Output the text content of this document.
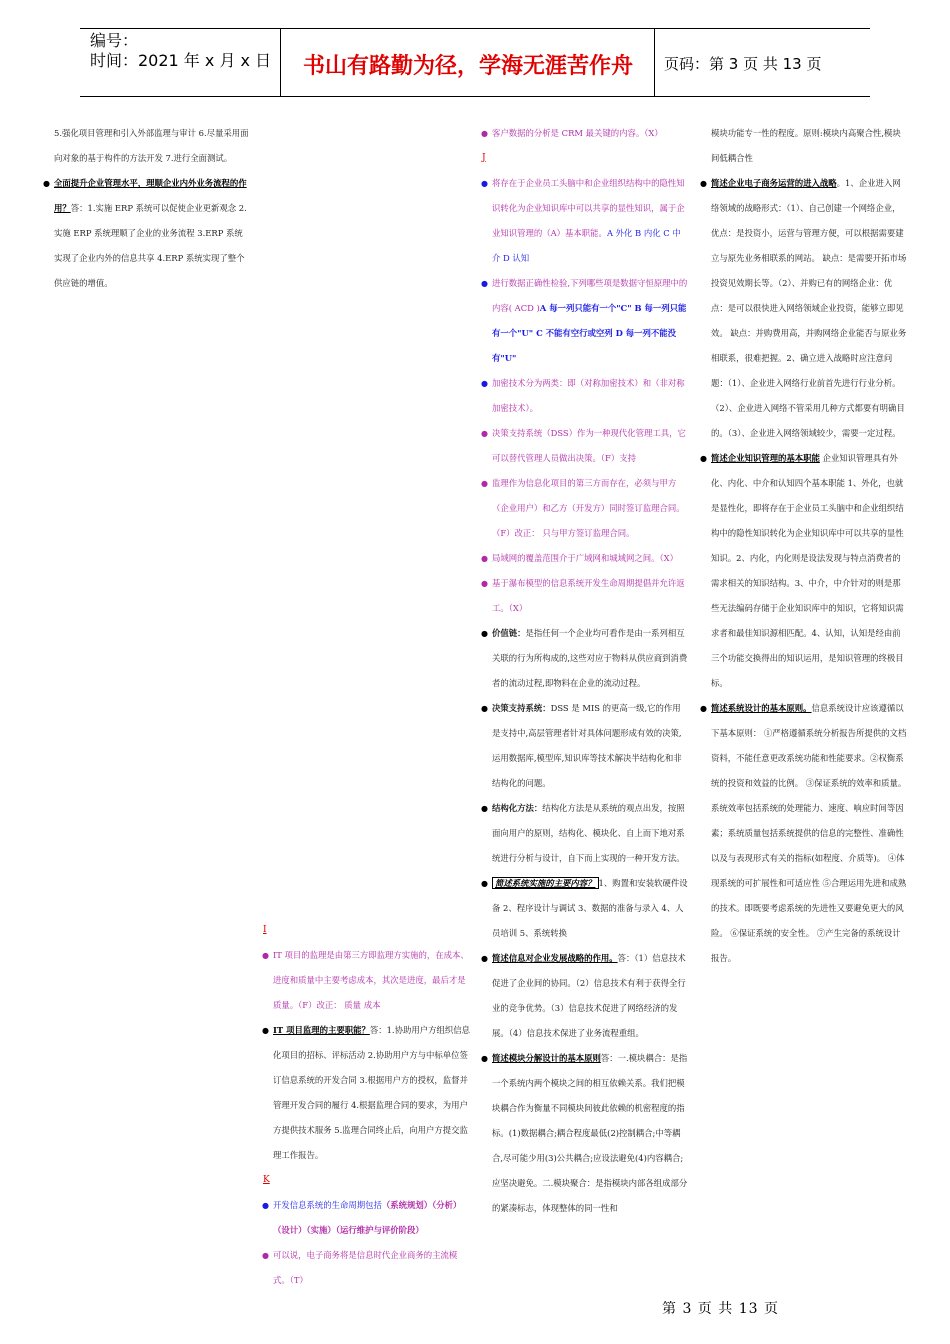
编号：
时间：2021 年 x 月 x 日	书山有路勤为径，学海无涯苦作舟	页码：第 3 页 共 13 页

5.强化项目管理和引入外部监理与审计 6.尽量采用面向对象的基于构件的方法开发 7.进行全面测试。

● 全面提升企业管理水平，理顺企业内外业务流程的作用？答：1.实施 ERP 系统可以促使企业更新观念 2.实施 ERP 系统理顺了企业的业务流程 3.ERP 系统实现了企业内外的信息共享 4.ERP 系统实现了整个供应链的增值。
I
● IT 项目的监理是由第三方即监理方实施的，在成本、进度和质量中主要考虑成本，其次是进度，最后才是质量。（F）改正： 质量 成本
● IT 项目监理的主要职能？答：1.协助用户方组织信息化项目的招标、评标活动 2.协助用户方与中标单位签订信息系统的开发合同 3.根据用户方的授权，监督并管理开发合同的履行 4.根据监理合同的要求，为用户方提供技术服务 5.监理合同终止后，向用户方提交监理工作报告。
K
● 开发信息系统的生命周期包括（系统规划）（分析）（设计）（实施）（运行维护与评价阶段）
● 可以说，电子商务将是信息时代企业商务的主流模式。（T）
● 客户数据的分析是 CRM 最关键的内容。（X）
J
● 将存在于企业员工头脑中和企业组织结构中的隐性知识转化为企业知识库中可以共享的显性知识，属于企业知识管理的（A）基本职能。A 外化 B 内化 C 中介 D 认知
● 进行数据正确性检验,下列哪些项是数据守恒原理中的内容( ACD )A 每一列只能有一个"C" B 每一列只能有一个"U" C 不能有空行或空列 D 每一列不能没有"U"
● 加密技术分为两类：即（对称加密技术）和（非对称加密技术）。
● 决策支持系统（DSS）作为一种现代化管理工具，它可以替代管理人员做出决策。（F）支持
● 监理作为信息化项目的第三方而存在，必须与甲方（企业用户）和乙方（开发方）同时签订监理合同。（F）改正： 只与甲方签订监理合同。
● 局域网的覆盖范围介于广域网和城域网之间。（X）
● 基于瀑布模型的信息系统开发生命周期提倡并允许返工。（X）
● 价值链：是指任何一个企业均可看作是由一系列相互关联的行为所构成的,这些对应于物料从供应商到消费者的流动过程,即物料在企业的流动过程。
● 决策支持系统：DSS 是 MIS 的更高一级,它的作用是支持中,高层管理者针对具体问题形成有效的决策,运用数据库,模型库,知识库等技术解决半结构化和非结构化的问题。
● 结构化方法：结构化方法是从系统的观点出发，按照面向用户的原则，结构化、模块化、自上而下地对系统进行分析与设计，自下而上实现的一种开发方法。
● 简述系统实施的主要内容？ 1、购置和安装软硬件设备 2、程序设计与调试 3、数据的准备与录入 4、人员培训 5、系统转换
● 简述信息对企业发展战略的作用。答：（1）信息技术促进了企业间的协同。（2）信息技术有利于获得全行业的竞争优势。（3）信息技术促进了网络经济的发展。（4）信息技术保进了业务流程重组。
● 简述模块分解设计的基本原则答：一.模块耦合：是指一个系统内两个模块之间的相互依赖关系。我们把模块耦合作为衡量不同模块间彼此依赖的机密程度的指标。(1)数据耦合;耦合程度最低(2)控制耦合;中等耦合,尽可能少用(3)公共耦合;应设法避免(4)内容耦合;应坚决避免。二.模块聚合：是指模块内部各组成部分的紧凑标志，体现整体的同一性和

模块功能专一性的程度。原则:模块内高聚合性,模块间低耦合性

● 简述企业电子商务运营的进入战略。1、企业进入网络领域的战略形式：（1）、自己创建一个网络企业，优点：是投资小，运营与管理方便，可以根据需要建立与原先业务相联系的网站。 缺点：是需要开拓市场投资见效期长等。（2）、并购已有的网络企业：优点：是可以很快进入网络领域企业投资，能够立即见效。 缺点：并购费用高，并购网络企业能否与原业务相联系，很难把握。2、确立进入战略时应注意问题：（1）、企业进入网络行业前首先进行行业分析。 （2）、企业进入网络不管采用几种方式都要有明确目的。（3）、企业进入网络领域较少，需要一定过程。
● 简述企业知识管理的基本职能 企业知识管理具有外化、内化、中介和认知四个基本职能 1、外化，也就是显性化，即将存在于企业员工头脑中和企业组织结构中的隐性知识转化为企业知识库中可以共享的显性知识。2、内化，内化则是设法发现与特点消费者的需求相关的知识结构。3、中介，中介针对的则是那些无法编码存储于企业知识库中的知识，它将知识需求者和最佳知识源相匹配。4、认知，认知是经由前三个功能交换得出的知识运用，是知识管理的终极目标。
● 简述系统设计的基本原则。信息系统设计应该遵循以下基本原则： ①严格遵循系统分析报告所提供的文档资料，不能任意更改系统功能和性能要求。②权衡系统的投资和效益的比例。 ③保证系统的效率和质量。系统效率包括系统的处理能力、速度、响应时间等因素；系统质量包括系统提供的信息的完整性、准确性以及与表现形式有关的指标(如程度、介质等)。 ④体现系统的可扩展性和可适应性 ⑤合理运用先进和成熟的技术。即既要考虑系统的先进性又要避免更大的风险。 ⑥保证系统的安全性。 ⑦产生完备的系统设计报告。
第 3 页 共 13 页
